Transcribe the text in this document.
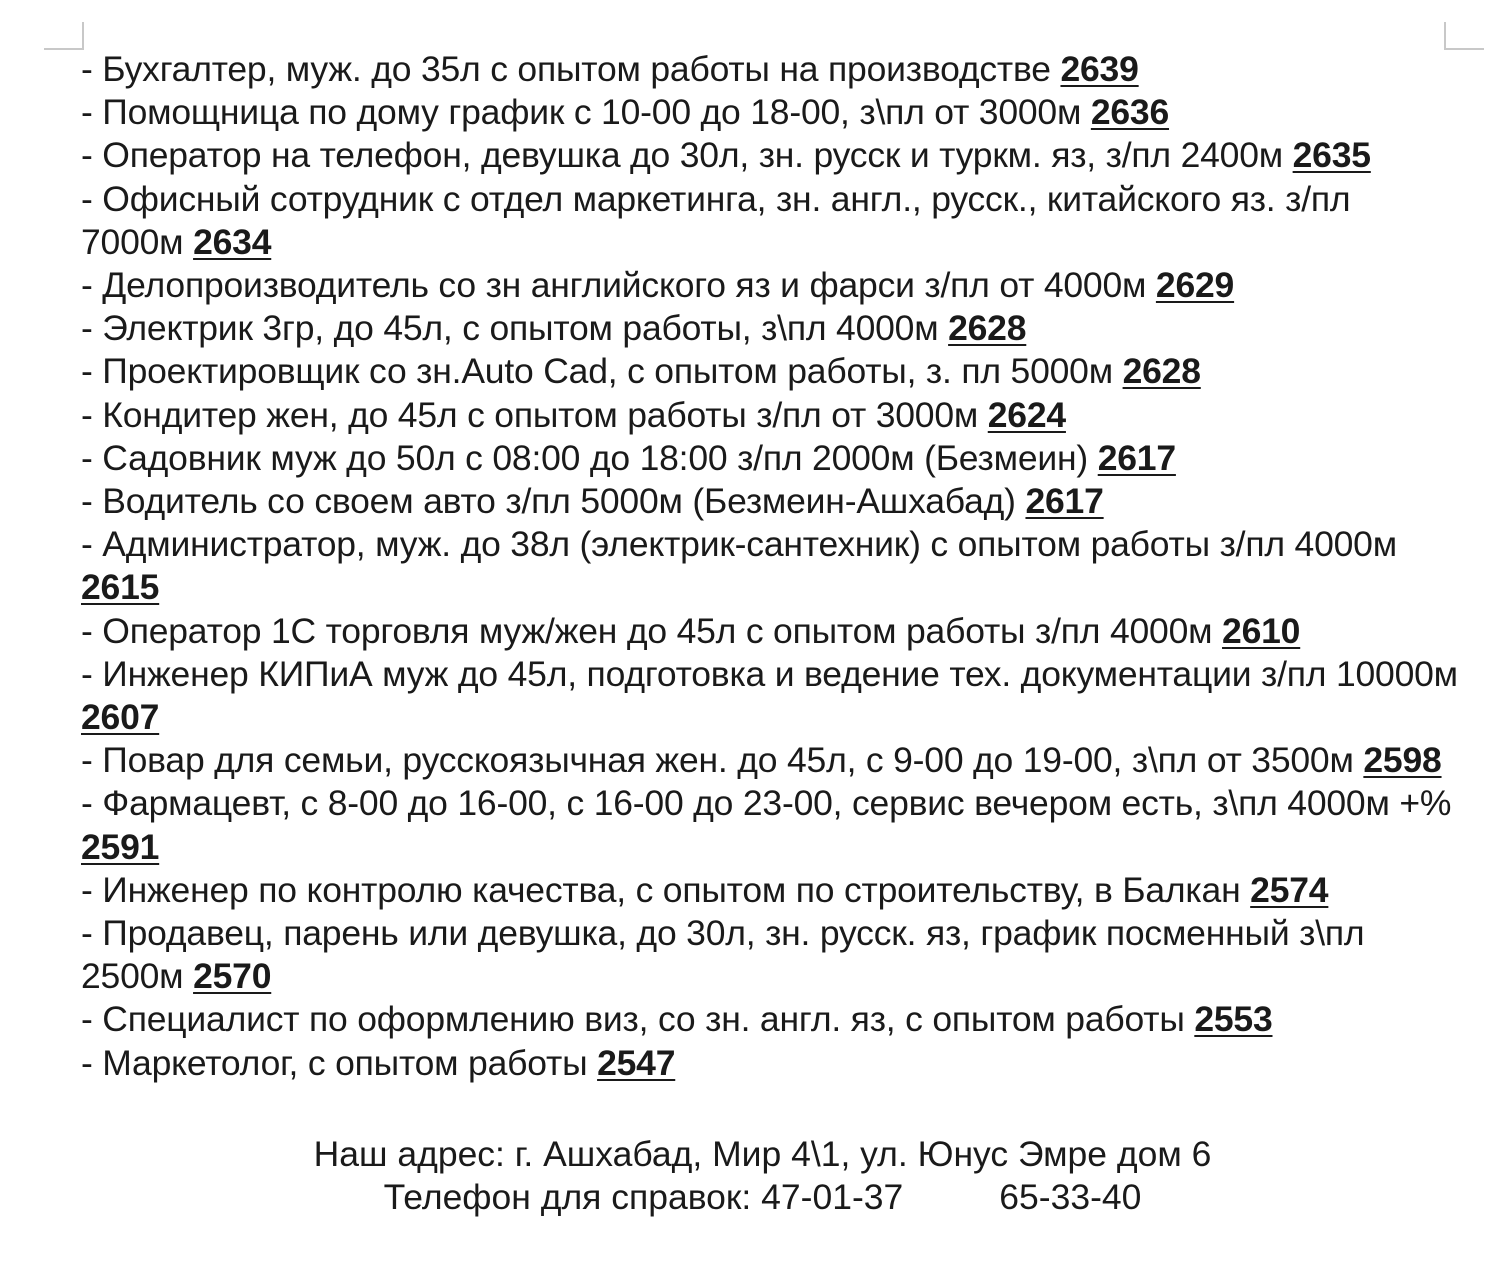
- Бухгалтер, муж. до 35л с опытом работы на производстве 2639
- Помощница по дому график с 10-00 до 18-00, з\пл от 3000м 2636
- Оператор на телефон, девушка до 30л, зн. русск и туркм. яз, з/пл 2400м 2635
- Офисный сотрудник с отдел маркетинга, зн. англ., русск., китайского яз. з/пл 7000м 2634
- Делопроизводитель со зн английского яз и фарси з/пл от 4000м 2629
- Электрик 3гр, до 45л, с опытом работы, з\пл 4000м 2628
- Проектировщик со зн.Auto Cad, с опытом работы, з. пл 5000м 2628
- Кондитер жен, до 45л с опытом работы з/пл от 3000м 2624
- Садовник муж до 50л с 08:00 до 18:00 з/пл 2000м (Безмеин) 2617
- Водитель со своем авто з/пл 5000м (Безмеин-Ашхабад) 2617
- Администратор, муж. до 38л (электрик-сантехник) с опытом работы з/пл 4000м 2615
- Оператор 1С торговля муж/жен до 45л с опытом работы з/пл 4000м 2610
- Инженер КИПиА муж до 45л, подготовка и ведение тех. документации з/пл 10000м 2607
- Повар для семьи, русскоязычная жен. до 45л, с 9-00 до 19-00, з\пл от 3500м 2598
- Фармацевт, с 8-00 до 16-00, с 16-00 до 23-00, сервис вечером есть, з\пл 4000м +% 2591
- Инженер по контролю качества, с опытом по строительству, в Балкан 2574
- Продавец, парень или девушка, до 30л, зн. русск. яз, график посменный з\пл 2500м 2570
- Специалист по оформлению виз, со зн. англ. яз, с опытом работы 2553
- Маркетолог, с опытом работы 2547
Наш адрес: г. Ашхабад, Мир 4\1, ул. Юнус Эмре дом 6
Телефон для справок: 47-01-37	65-33-40
